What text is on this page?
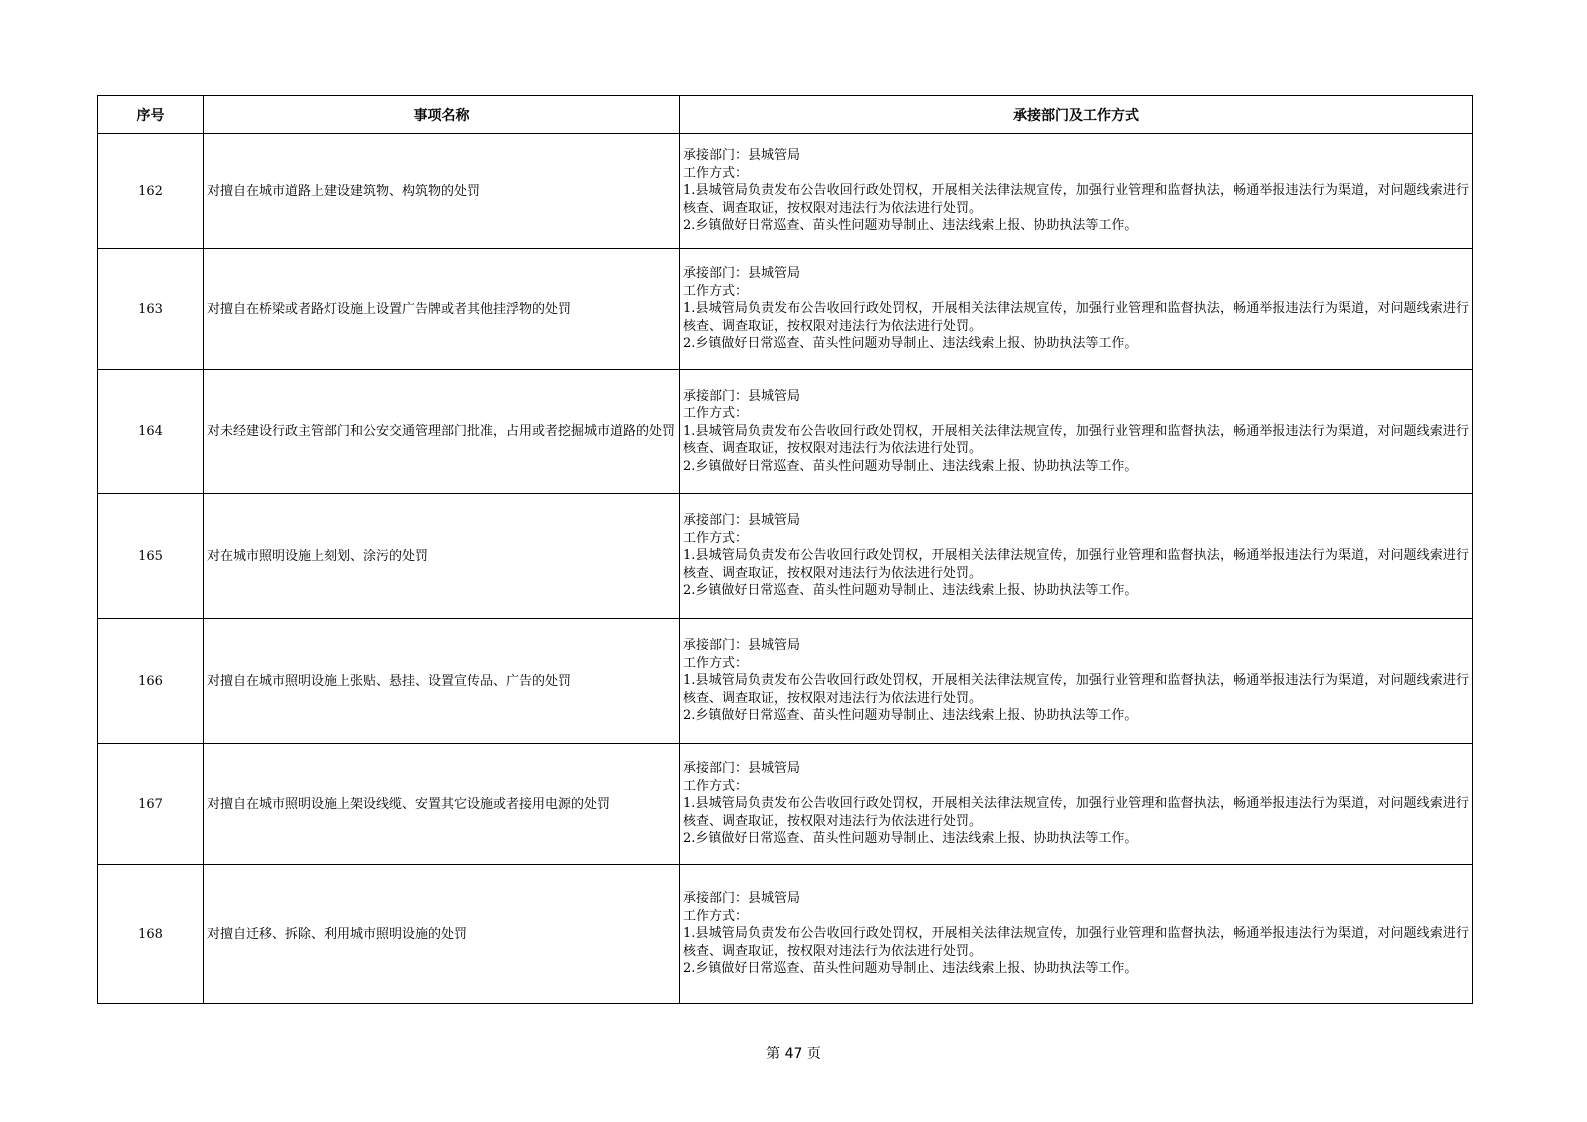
序号	事项名称	承接部门及工作方式
162	对擅自在城市道路上建设建筑物、构筑物的处罚	承接部门：县城管局
工作方式：
1.县城管局负责发布公告收回行政处罚权，开展相关法律法规宣传，加强行业管理和监督执法，畅通举报违法行为渠道，对问题线索进行核查、调查取证，按权限对违法行为依法进行处罚。
2.乡镇做好日常巡查、苗头性问题劝导制止、违法线索上报、协助执法等工作。

163	对擅自在桥梁或者路灯设施上设置广告牌或者其他挂浮物的处罚	承接部门：县城管局
工作方式：
1.县城管局负责发布公告收回行政处罚权，开展相关法律法规宣传，加强行业管理和监督执法，畅通举报违法行为渠道，对问题线索进行核查、调查取证，按权限对违法行为依法进行处罚。
2.乡镇做好日常巡查、苗头性问题劝导制止、违法线索上报、协助执法等工作。

164	对未经建设行政主管部门和公安交通管理部门批准，占用或者挖掘城市道路的处罚	承接部门：县城管局
工作方式：
1.县城管局负责发布公告收回行政处罚权，开展相关法律法规宣传，加强行业管理和监督执法，畅通举报违法行为渠道，对问题线索进行核查、调查取证，按权限对违法行为依法进行处罚。
2.乡镇做好日常巡查、苗头性问题劝导制止、违法线索上报、协助执法等工作。

165	对在城市照明设施上刻划、涂污的处罚	承接部门：县城管局
工作方式：
1.县城管局负责发布公告收回行政处罚权，开展相关法律法规宣传，加强行业管理和监督执法，畅通举报违法行为渠道，对问题线索进行核查、调查取证，按权限对违法行为依法进行处罚。
2.乡镇做好日常巡查、苗头性问题劝导制止、违法线索上报、协助执法等工作。

166	对擅自在城市照明设施上张贴、悬挂、设置宣传品、广告的处罚	承接部门：县城管局
工作方式：
1.县城管局负责发布公告收回行政处罚权，开展相关法律法规宣传，加强行业管理和监督执法，畅通举报违法行为渠道，对问题线索进行核查、调查取证，按权限对违法行为依法进行处罚。
2.乡镇做好日常巡查、苗头性问题劝导制止、违法线索上报、协助执法等工作。

167	对擅自在城市照明设施上架设线缆、安置其它设施或者接用电源的处罚	承接部门：县城管局
工作方式：
1.县城管局负责发布公告收回行政处罚权，开展相关法律法规宣传，加强行业管理和监督执法，畅通举报违法行为渠道，对问题线索进行核查、调查取证，按权限对违法行为依法进行处罚。
2.乡镇做好日常巡查、苗头性问题劝导制止、违法线索上报、协助执法等工作。

168	对擅自迁移、拆除、利用城市照明设施的处罚	承接部门：县城管局
工作方式：
1.县城管局负责发布公告收回行政处罚权，开展相关法律法规宣传，加强行业管理和监督执法，畅通举报违法行为渠道，对问题线索进行核查、调查取证，按权限对违法行为依法进行处罚。
2.乡镇做好日常巡查、苗头性问题劝导制止、违法线索上报、协助执法等工作。
第 47 页
